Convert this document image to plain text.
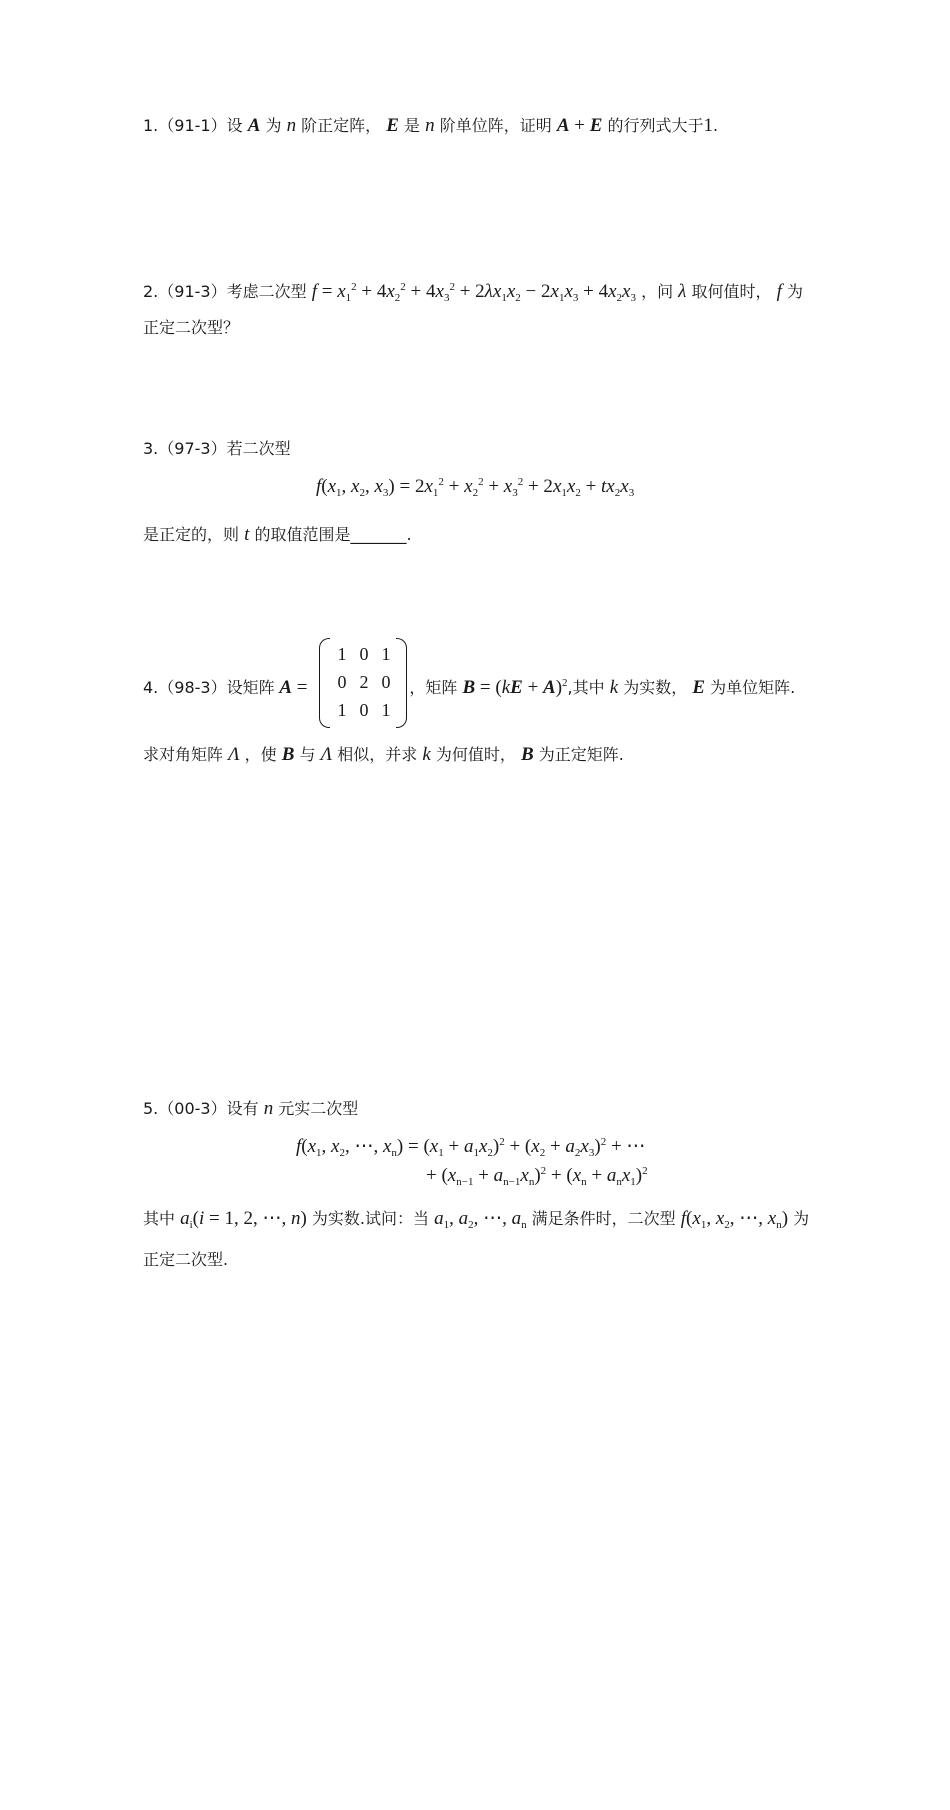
1.（91-1）设 A 为 n 阶正定阵， E 是 n 阶单位阵，证明 A + E 的行列式大于1.
2.（91-3）考虑二次型 $f = x_1^2 + 4x_2^2 + 4x_3^2 + 2\lambda x_1x_2 - 2x_1x_3 + 4x_2x_3$ ，问 λ 取何值时， f 为
正定二次型？
3.（97-3）若二次型
$f(x_1$, $x_2$, $x_3) = 2x_1^2 + x_2^2 + x_3^2 + 2x_1x_2 + tx_2x_3$
是正定的，则 t 的取值范围是_______.
4.（98-3）设矩阵 A =	，矩阵 B = (kE + A)$^2$,其中 k 为实数， E 为单位矩阵.
1 0 1
0 2 0
1 0 1
求对角矩阵 Λ ，使 B 与 Λ 相似，并求 k 为何值时， B 为正定矩阵.
5.（00-3）设有 n 元实二次型
$f(x_1$, $x_2$, ⋯, $x_n) = (x_1 + a_1x_2)^2 + (x_2 + a_2x_3)^2$ + ⋯
+ $(x_{n-1} + a_{n-1}x_n)^2 + (x_n + a_nx_1)^2$
其中 $a_i(i = 1$, 2, ⋯, n) 为实数.试问：当 $a_1$, $a_2$, ⋯, $a_n$ 满足条件时，二次型 $f(x_1$, $x_2$, ⋯, $x_n$) 为
正定二次型.
